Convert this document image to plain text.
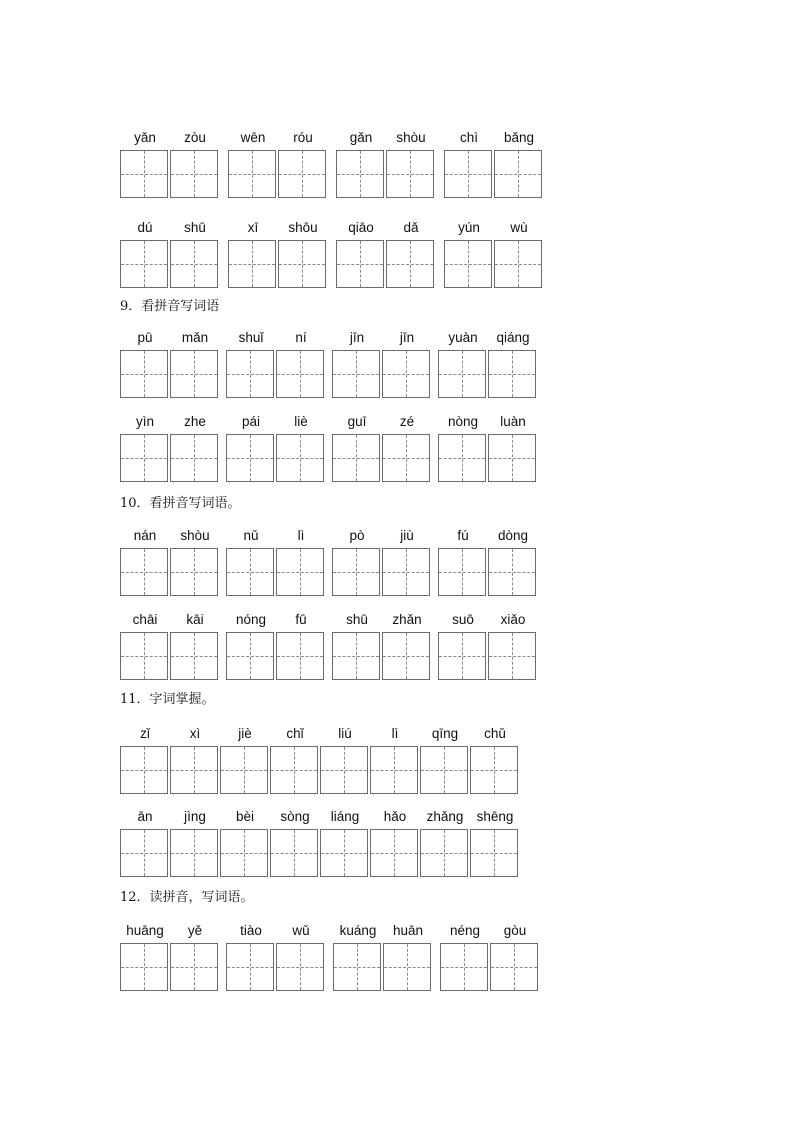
9．看拼音写词语
10．看拼音写词语。
11．字词掌握。
12．读拼音，写词语。
yǎn	zòu	wēn	róu	gǎn	shòu	chì	bǎng
dú	shū	xī	shōu	qiāo	dǎ	yún	wù
pū	mǎn	shuǐ	ní	jīn	jīn	yuàn	qiáng
yìn	zhe	pái	liè	guī	zé	nòng	luàn
nán	shòu	nǔ	lì	pò	jiù	fú	dòng
chāi	kāi	nóng	fū	shū	zhǎn	suō	xiǎo
zǐ	xì	jiè	chǐ	liú	lì	qīng	chǔ
ān	jìng	bèi	sòng	liáng	hǎo	zhǎng shēng
huāng	yě	tiào	wǔ	kuáng	huān	néng	gòu
